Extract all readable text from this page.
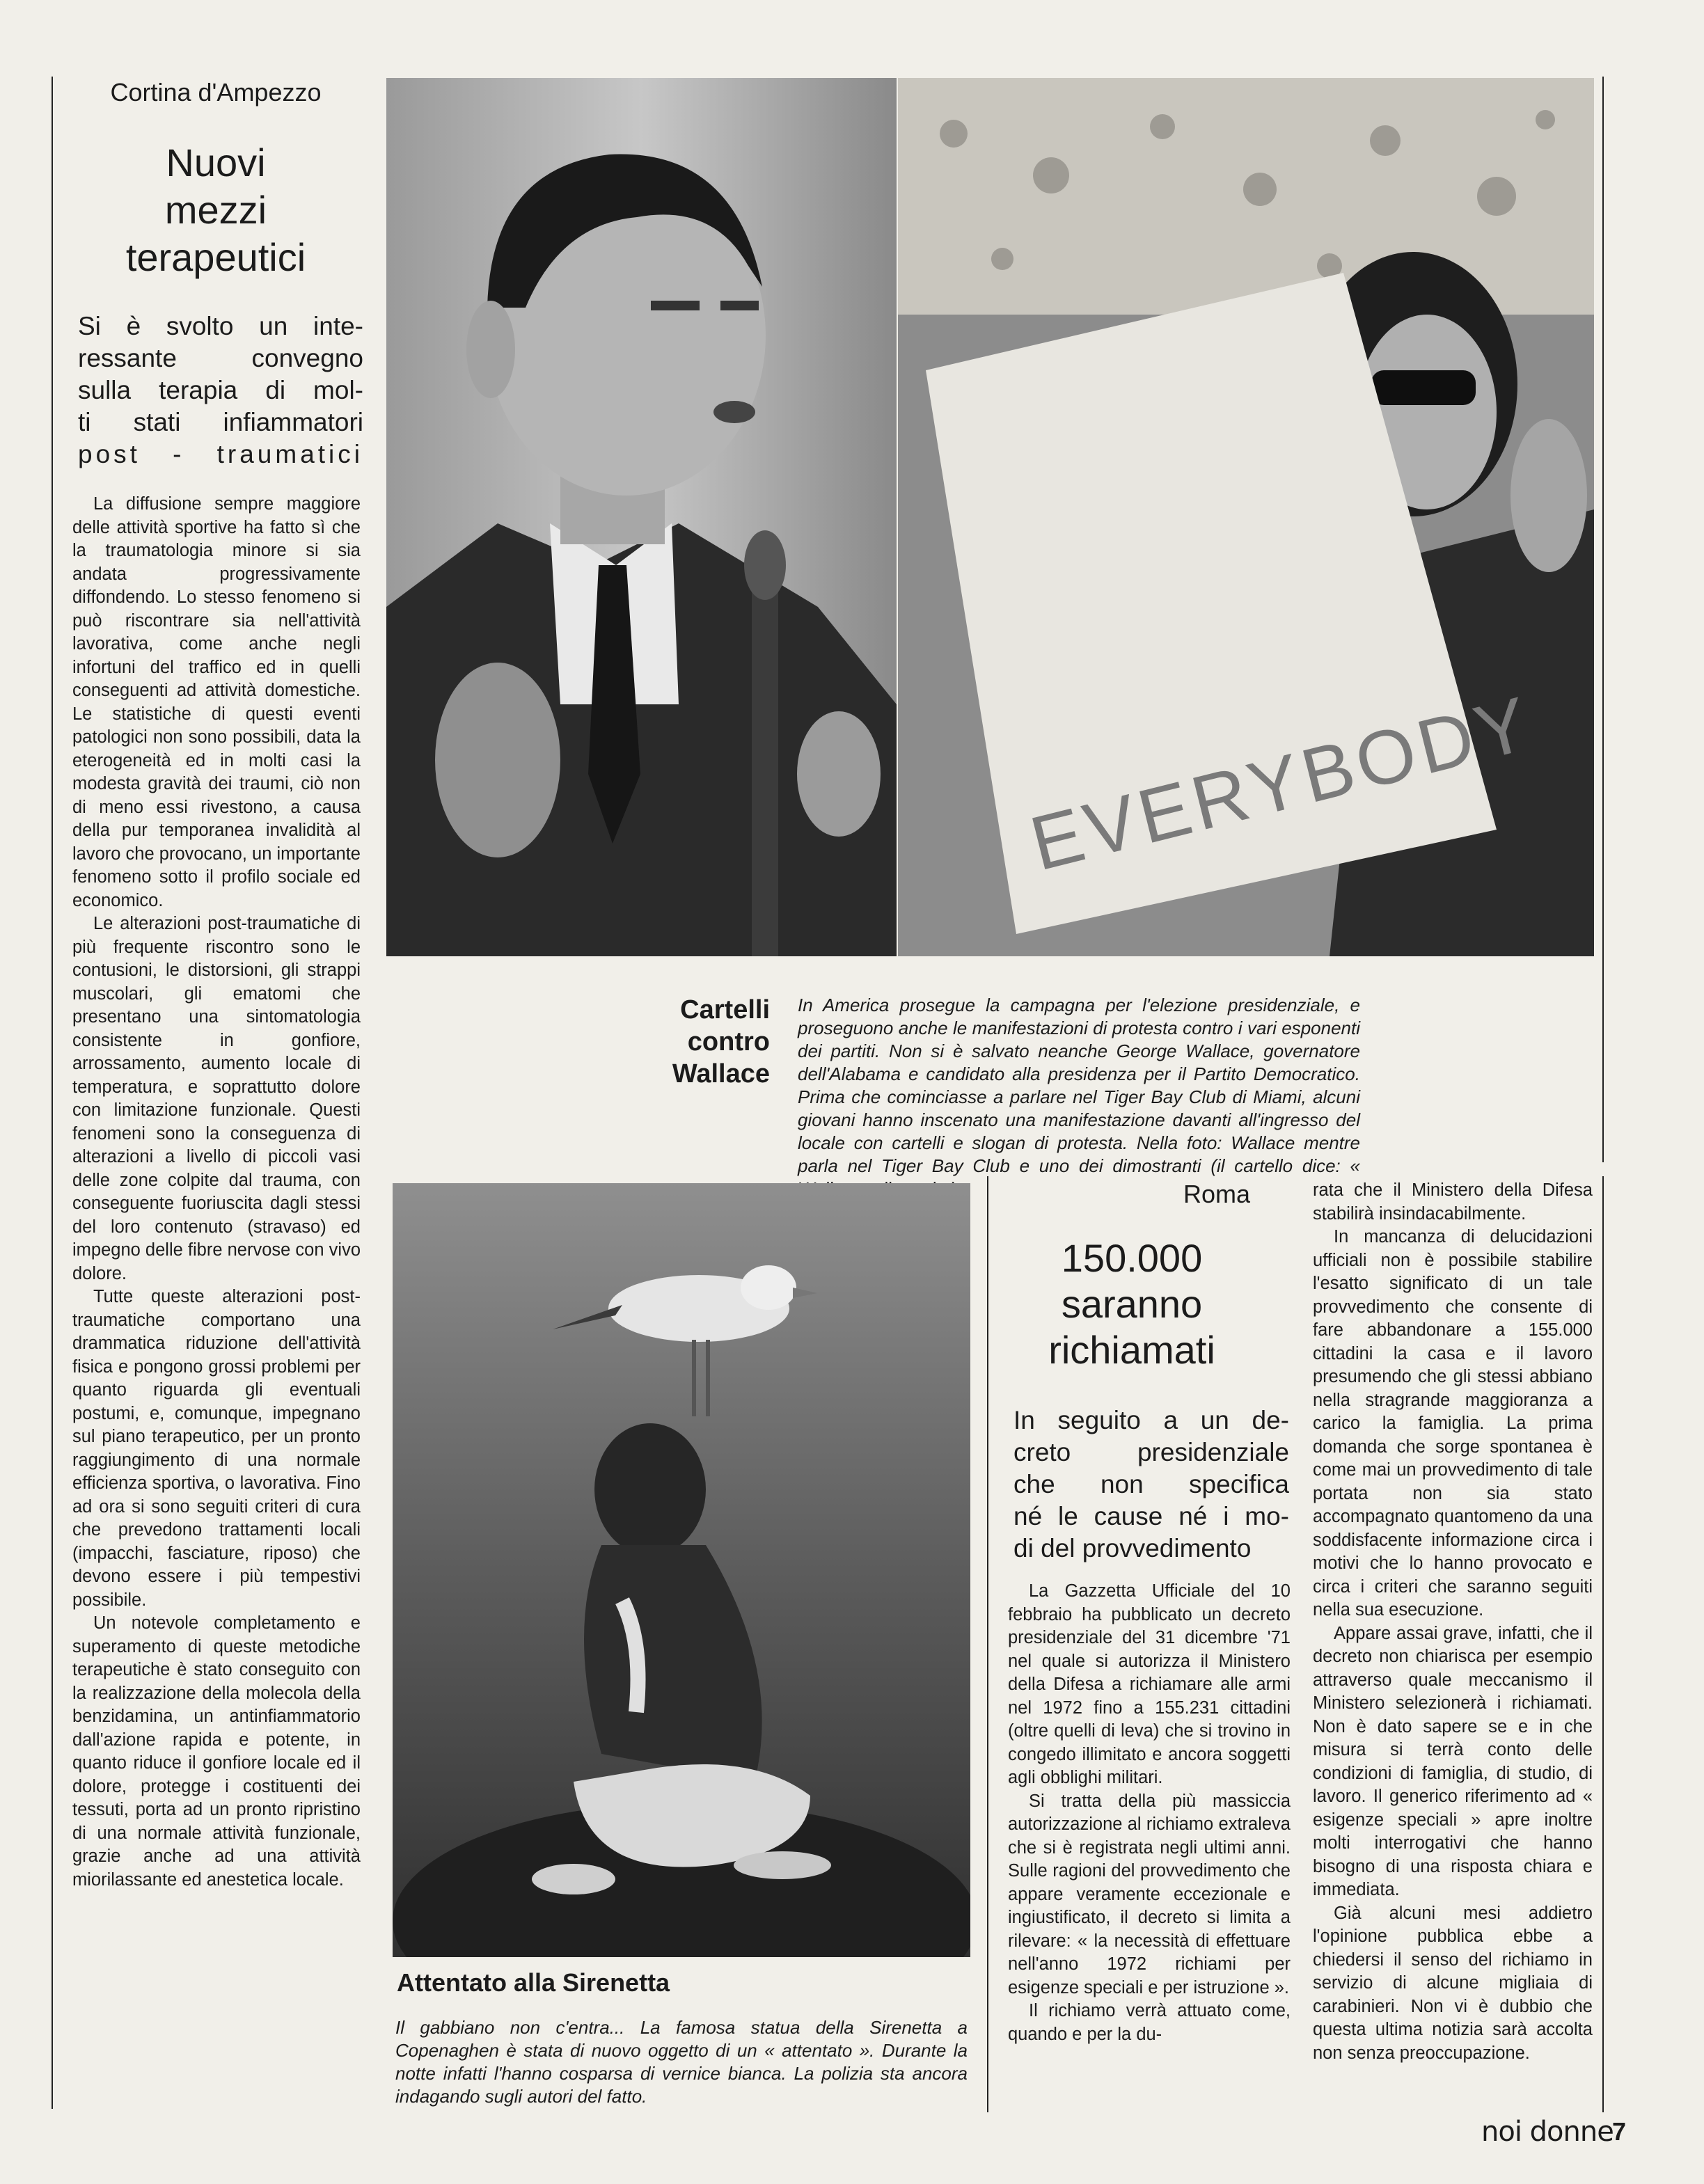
Cortina d'Ampezzo
Nuovi
mezzi
terapeutici
Si è svolto un inte-
ressante convegno
sulla terapia di mol-
ti stati infiammatori
post - traumatici

La diffusione sempre maggiore delle attività sportive ha fatto sì che la traumatologia minore si sia andata progressivamente diffondendo. Lo stesso fenomeno si può riscontrare sia nell'attività lavorativa, come anche negli infortuni del traffico ed in quelli conseguenti ad attività domestiche. Le statistiche di questi eventi patologici non sono possibili, data la eterogeneità ed in molti casi la modesta gravità dei traumi, ciò non di meno essi rivestono, a causa della pur temporanea invalidità al lavoro che provocano, un importante fenomeno sotto il profilo sociale ed economico.

Le alterazioni post-traumatiche di più frequente riscontro sono le contusioni, le distorsioni, gli strappi muscolari, gli ematomi che presentano una sintomatologia consistente in gonfiore, arrossamento, aumento locale di temperatura, e soprattutto dolore con limitazione funzionale. Questi fenomeni sono la conseguenza di alterazioni a livello di piccoli vasi delle zone colpite dal trauma, con conseguente fuoriuscita dagli stessi del loro contenuto (stravaso) ed impegno delle fibre nervose con vivo dolore.

Tutte queste alterazioni post-traumatiche comportano una drammatica riduzione dell'attività fisica e pongono grossi problemi per quanto riguarda gli eventuali postumi, e, comunque, impegnano sul piano terapeutico, per un pronto raggiungimento di una normale efficienza sportiva, o lavorativa. Fino ad ora si sono seguiti criteri di cura che prevedono trattamenti locali (impacchi, fasciature, riposo) che devono essere i più tempestivi possibile.

Un notevole completamento e superamento di queste metodiche terapeutiche è stato conseguito con la realizzazione della molecola della benzidamina, un antinfiammatorio dall'azione rapida e potente, in quanto riduce il gonfiore locale ed il dolore, protegge i costituenti dei tessuti, porta ad un pronto ripristino di una normale attività funzionale, grazie anche ad una attività miorilassante ed anestetica locale.

EVERYBODY
Cartelli
contro
Wallace
In America prosegue la campagna per l'elezione presidenziale, e proseguono anche le manifestazioni di protesta contro i vari esponenti dei partiti. Non si è salvato neanche George Wallace, governatore dell'Alabama e candidato alla presidenza per il Partito Democratico. Prima che cominciasse a parlare nel Tiger Bay Club di Miami, alcuni giovani hanno inscenato una manifestazione davanti all'ingresso del locale con cartelli e slogan di protesta. Nella foto: Wallace mentre parla nel Tiger Bay Club e uno dei dimostranti (il cartello dice: «
Attentato alla Sirenetta
Il gabbiano non c'entra... La famosa statua della Sirenetta a Copenaghen è stata di nuovo oggetto di un « attentato ». Durante la notte infatti l'hanno cosparsa di vernice bianca. La polizia sta ancora indagando sugli autori del fatto.
Roma
150.000
saranno
richiamati
In seguito a un de-
creto presidenziale
che non specifica
né le cause né i mo-
di del provvedimento

La Gazzetta Ufficiale del 10 febbraio ha pubblicato un decreto presidenziale del 31 dicembre '71 nel quale si autorizza il Ministero della Difesa a richiamare alle armi nel 1972 fino a 155.231 cittadini (oltre quelli di leva) che si trovino in congedo illimitato e ancora soggetti agli obblighi militari.

Si tratta della più massiccia autorizzazione al richiamo extraleva che si è registrata negli ultimi anni. Sulle ragioni del provvedimento che appare veramente eccezionale e ingiustificato, il decreto si limita a rilevare: « la necessità di effettuare nell'anno 1972 richiami per esigenze speciali e per istruzione ».

Il richiamo verrà attuato come, quando e per la du-

rata che il Ministero della Difesa stabilirà insindacabilmente.

In mancanza di delucidazioni ufficiali non è possibile stabilire l'esatto significato di un tale provvedimento che consente di fare abbandonare a 155.000 cittadini la casa e il lavoro presumendo che gli stessi abbiano nella stragrande maggioranza a carico la famiglia. La prima domanda che sorge spontanea è come mai un provvedimento di tale portata non sia stato accompagnato quantomeno da una soddisfacente informazione circa i motivi che lo hanno provocato e circa i criteri che saranno seguiti nella sua esecuzione.

Appare assai grave, infatti, che il decreto non chiarisca per esempio attraverso quale meccanismo il Ministero selezionerà i richiamati. Non è dato sapere se e in che misura si terrà conto delle condizioni di famiglia, di studio, di lavoro. Il generico riferimento ad « esigenze speciali » apre inoltre molti interrogativi che hanno bisogno di una risposta chiara e immediata.

Già alcuni mesi addietro l'opinione pubblica ebbe a chiedersi il senso del richiamo in servizio di alcune migliaia di carabinieri. Non vi è dubbio che questa ultima notizia sarà accolta non senza preoccupazione.

noi donne
7
